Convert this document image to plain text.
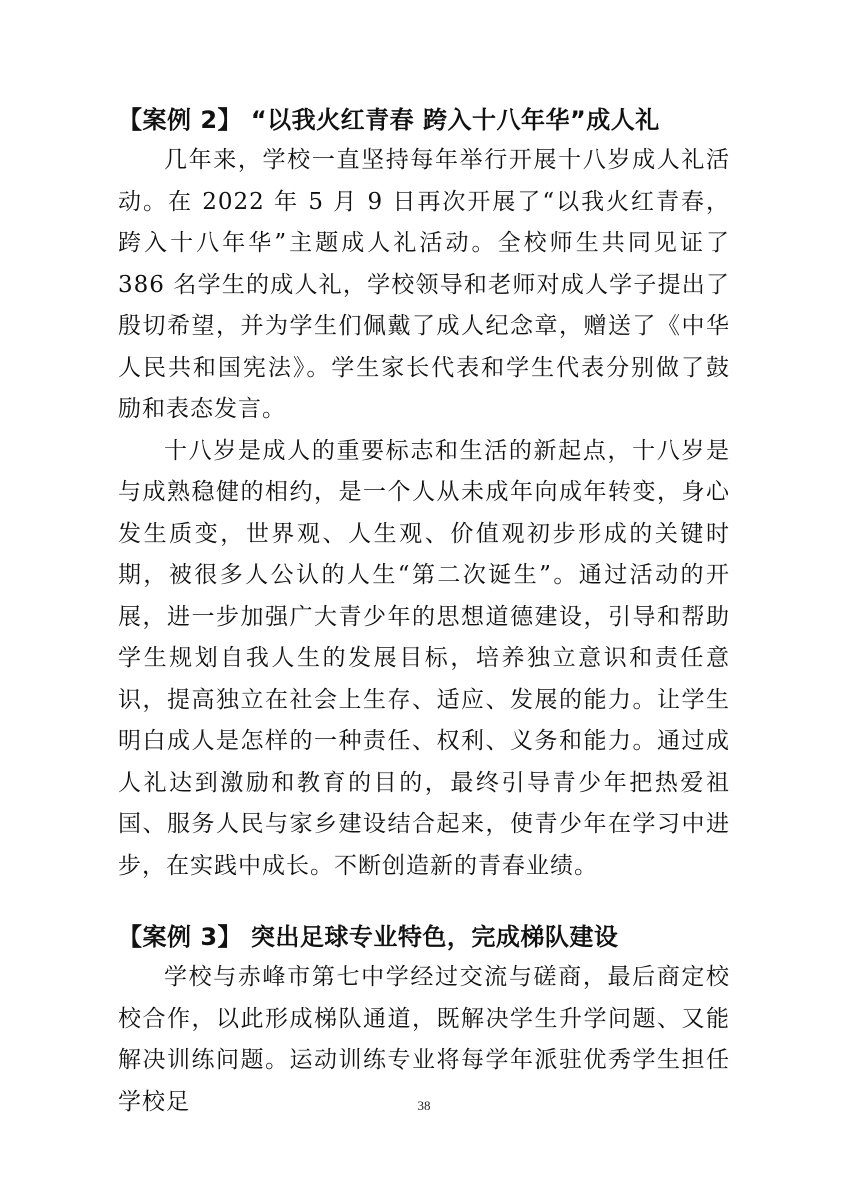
【案例 2】 “以我火红青春 跨入十八年华”成人礼

几年来，学校一直坚持每年举行开展十八岁成人礼活动。在 2022 年 5 月 9 日再次开展了“以我火红青春，跨入十八年华”主题成人礼活动。全校师生共同见证了 386 名学生的成人礼，学校领导和老师对成人学子提出了殷切希望，并为学生们佩戴了成人纪念章，赠送了《中华人民共和国宪法》。学生家长代表和学生代表分别做了鼓励和表态发言。

十八岁是成人的重要标志和生活的新起点，十八岁是与成熟稳健的相约，是一个人从未成年向成年转变，身心发生质变，世界观、人生观、价值观初步形成的关键时期，被很多人公认的人生“第二次诞生”。通过活动的开展，进一步加强广大青少年的思想道德建设，引导和帮助学生规划自我人生的发展目标，培养独立意识和责任意识，提高独立在社会上生存、适应、发展的能力。让学生明白成人是怎样的一种责任、权利、义务和能力。通过成人礼达到激励和教育的目的，最终引导青少年把热爱祖国、服务人民与家乡建设结合起来，使青少年在学习中进步，在实践中成长。不断创造新的青春业绩。

【案例 3】 突出足球专业特色，完成梯队建设

学校与赤峰市第七中学经过交流与磋商，最后商定校校合作，以此形成梯队通道，既解决学生升学问题、又能解决训练问题。运动训练专业将每学年派驻优秀学生担任学校足	38
